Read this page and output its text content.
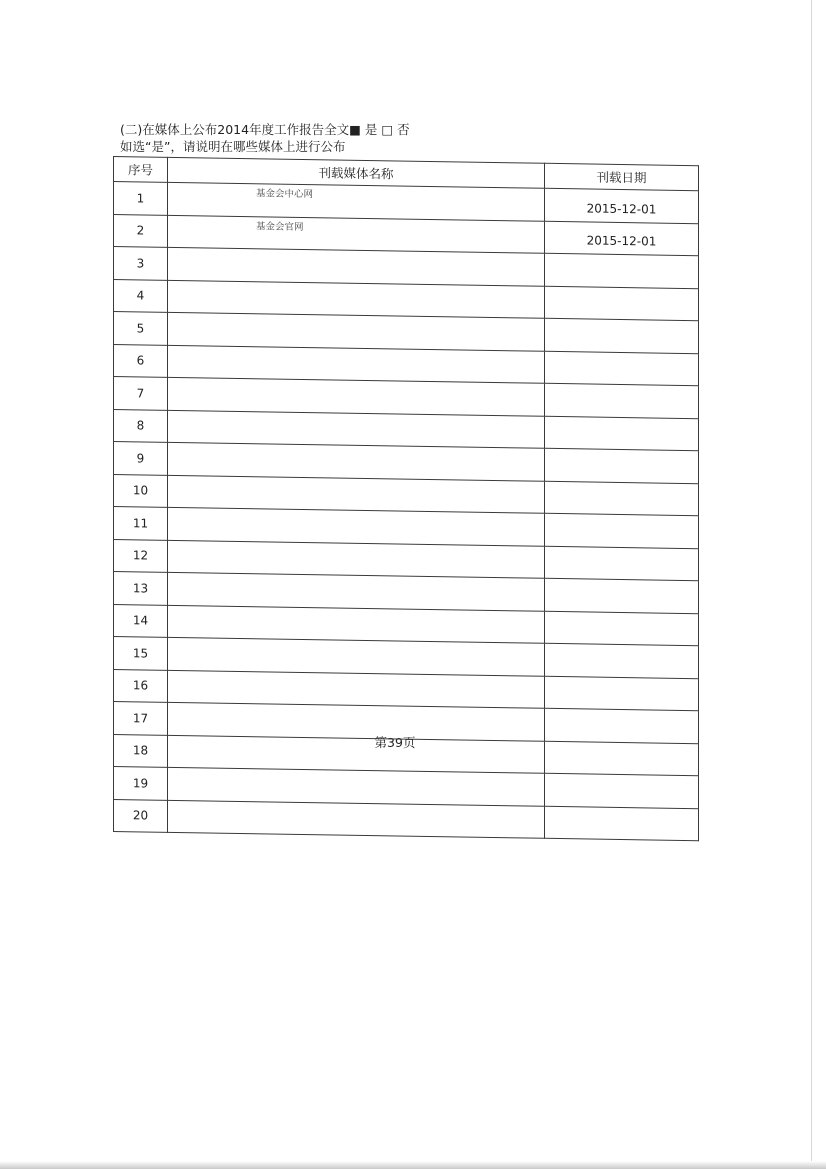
(二)在媒体上公布2014年度工作报告全文■ 是 □ 否
如选“是”，请说明在哪些媒体上进行公布
序号	刊载媒体名称	刊载日期
1	基金会中心网	2015-12-01
2	基金会官网	2015-12-01
3		
4		
5		
6		
7		
8		
9		
10		
11		
12		
13		
14		
15		
16		
17		
18		
19		
20		
第39页
